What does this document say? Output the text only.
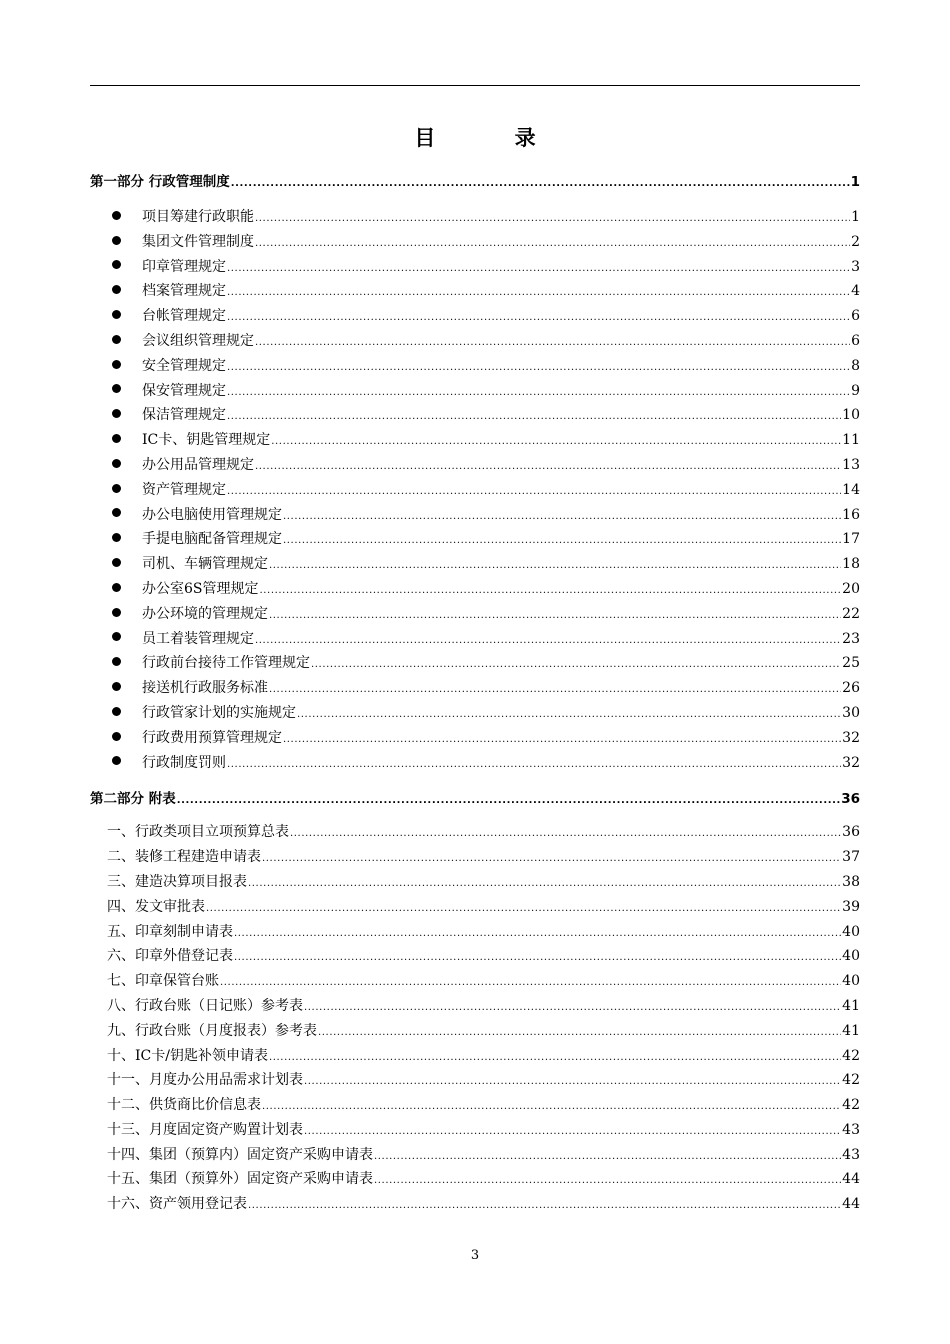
目 录
第一部分 行政管理制度 .....	1
项目筹建行政职能 .....	1
集团文件管理制度 .....	2
印章管理规定 .....	3
档案管理规定 .....	4
台帐管理规定 .....	6
会议组织管理规定 .....	6
安全管理规定 .....	8
保安管理规定 .....	9
保洁管理规定 .....	10
IC卡、钥匙管理规定 .....	11
办公用品管理规定 .....	13
资产管理规定 .....	14
办公电脑使用管理规定 .....	16
手提电脑配备管理规定 .....	17
司机、车辆管理规定 .....	18
办公室6S管理规定 .....	20
办公环境的管理规定 .....	22
员工着装管理规定 .....	23
行政前台接待工作管理规定 .....	25
接送机行政服务标准 .....	26
行政管家计划的实施规定 .....	30
行政费用预算管理规定 .....	32
行政制度罚则 .....	32
第二部分 附表 .....	36
一、行政类项目立项预算总表 .....	36
二、装修工程建造申请表 .....	37
三、建造决算项目报表 .....	38
四、发文审批表 .....	39
五、印章刻制申请表 .....	40
六、印章外借登记表 .....	40
七、印章保管台账 .....	40
八、行政台账（日记账）参考表 .....	41
九、行政台账（月度报表）参考表 .....	41
十、IC卡/钥匙补领申请表 .....	42
十一、月度办公用品需求计划表 .....	42
十二、供货商比价信息表 .....	42
十三、月度固定资产购置计划表 .....	43
十四、集团（预算内）固定资产采购申请表 .....	43
十五、集团（预算外）固定资产采购申请表 .....	44
十六、资产领用登记表 .....	44
3
